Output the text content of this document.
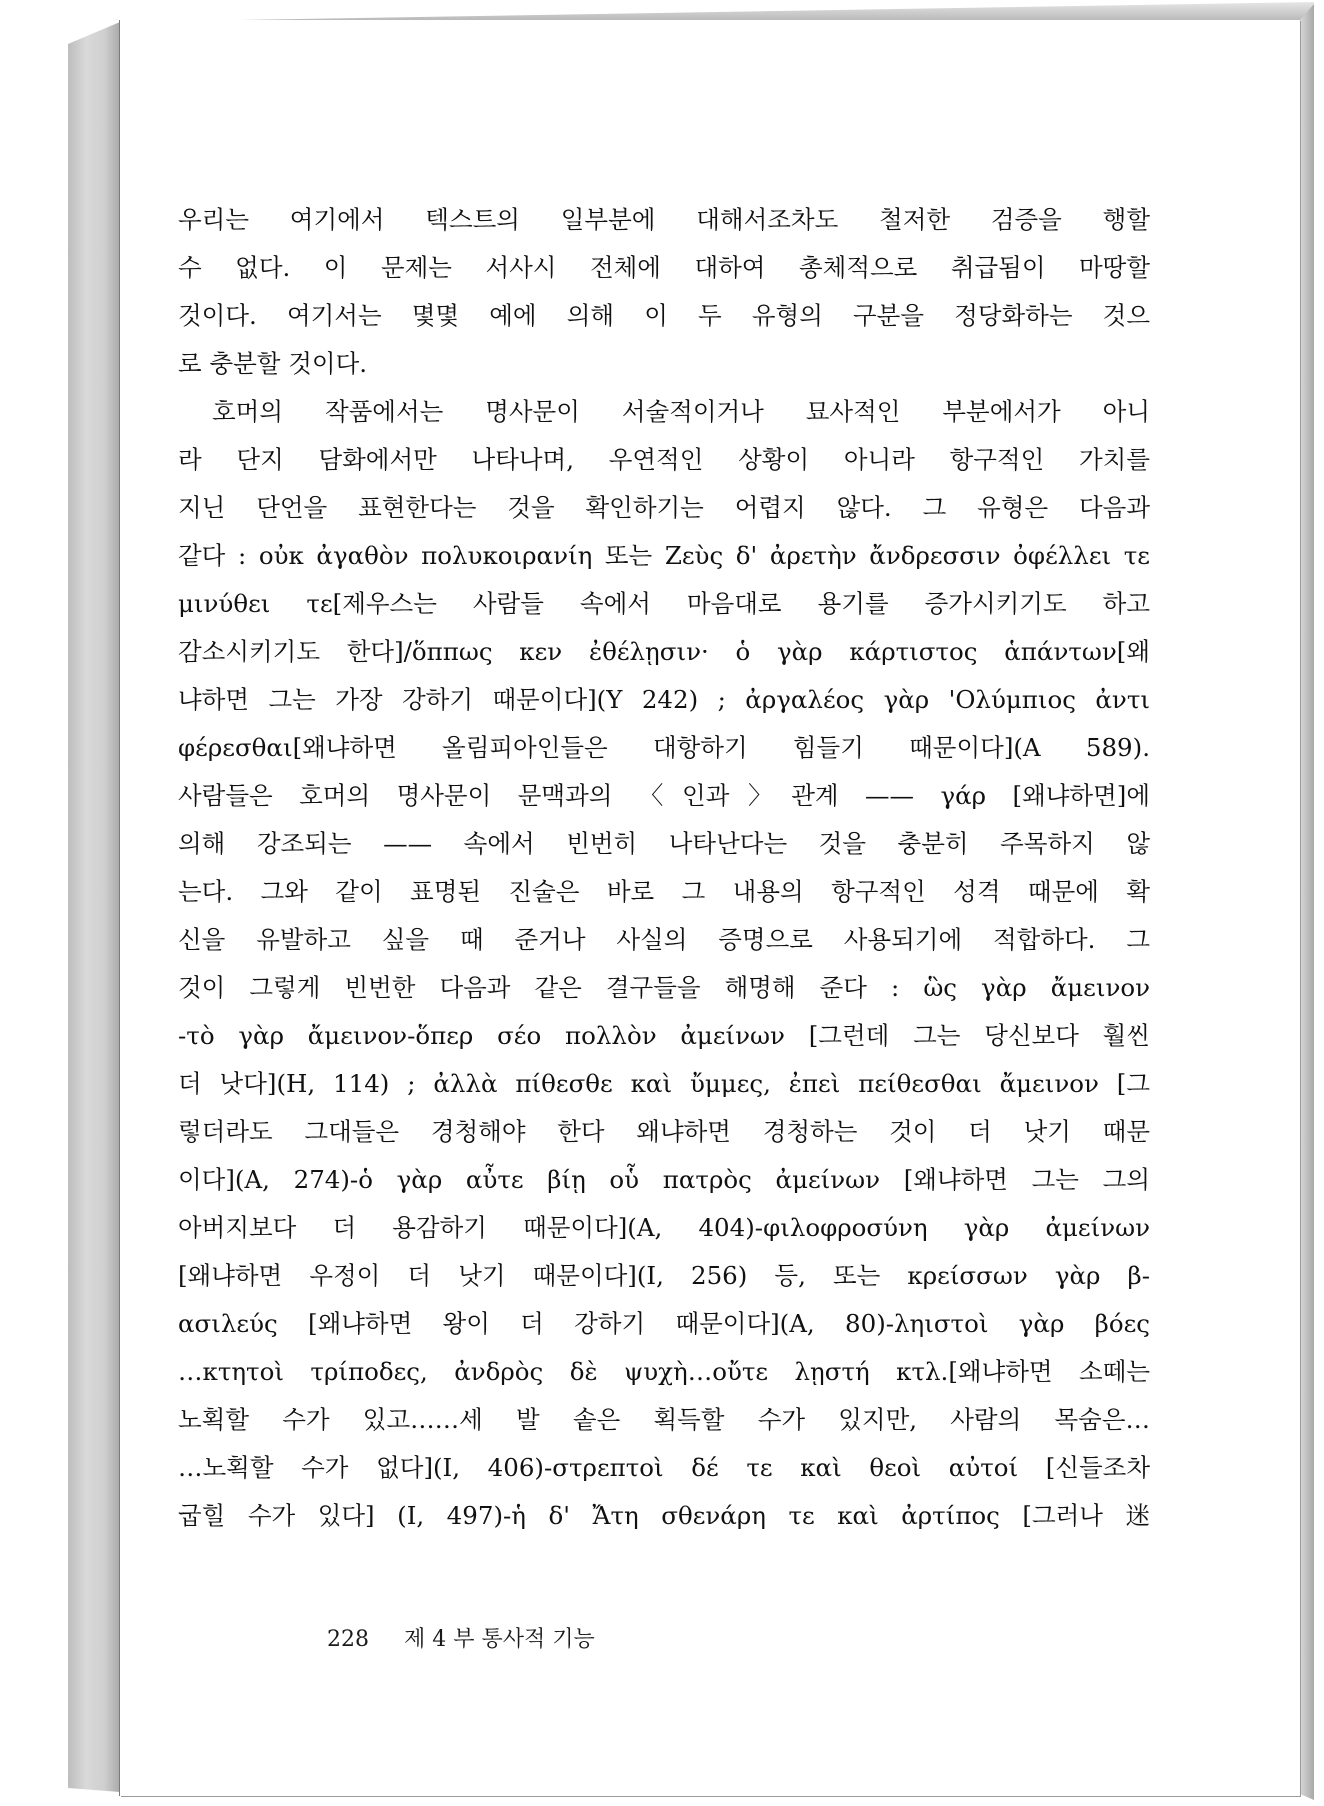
우리는 여기에서 텍스트의 일부분에 대해서조차도 철저한 검증을 행할

수 없다. 이 문제는 서사시 전체에 대하여 총체적으로 취급됨이 마땅할

것이다. 여기서는 몇몇 예에 의해 이 두 유형의 구분을 정당화하는 것으

로 충분할 것이다.

호머의 작품에서는 명사문이 서술적이거나 묘사적인 부분에서가 아니

라 단지 담화에서만 나타나며, 우연적인 상황이 아니라 항구적인 가치를

지닌 단언을 표현한다는 것을 확인하기는 어렵지 않다. 그 유형은 다음과

같다 : οὐκ ἀγαθὸν πολυκοιρανίη 또는 Ζεὺς δ' ἀρετὴν ἄνδρεσσιν ὀφέλλει τε

μινύθει τε[제우스는 사람들 속에서 마음대로 용기를 증가시키기도 하고

감소시키기도 한다]/ὅππως κεν ἐθέλῃσιν· ὁ γὰρ κάρτιστος ἁπάντων[왜

냐하면 그는 가장 강하기 때문이다](Υ 242) ; ἀργαλέος γὰρ 'Ολύμπιος ἀντι

φέρεσθαι[왜냐하면 올림피아인들은 대항하기 힘들기 때문이다](A 589).

사람들은 호머의 명사문이 문맥과의 〈인과〉관계 —— γάρ [왜냐하면]에

의해 강조되는 —— 속에서 빈번히 나타난다는 것을 충분히 주목하지 않

는다. 그와 같이 표명된 진술은 바로 그 내용의 항구적인 성격 때문에 확

신을 유발하고 싶을 때 준거나 사실의 증명으로 사용되기에 적합하다. 그

것이 그렇게 빈번한 다음과 같은 결구들을 해명해 준다 : ὣς γὰρ ἄμεινον

-τὸ γὰρ ἄμεινον-ὅπερ σέο πολλὸν ἀμείνων [그런데 그는 당신보다 훨씬

더 낫다](H, 114) ; ἀλλὰ πίθεσθε καὶ ὔμμες, ἐπεὶ πείθεσθαι ἄμεινον [그

렇더라도 그대들은 경청해야 한다 왜냐하면 경청하는 것이 더 낫기 때문

이다](A, 274)-ὁ γὰρ αὖτε βίῃ οὗ πατρὸς ἀμείνων [왜냐하면 그는 그의

아버지보다 더 용감하기 때문이다](A, 404)-φιλοφροσύνη γὰρ ἀμείνων

[왜냐하면 우정이 더 낫기 때문이다](I, 256) 등, 또는 κρείσσων γὰρ β-

ασιλεύς [왜냐하면 왕이 더 강하기 때문이다](A, 80)-ληιστοὶ γὰρ βόες

…κτητοὶ τρίποδες, ἀνδρὸς δὲ ψυχὴ…οὔτε λῃστή κτλ.[왜냐하면 소떼는

노획할 수가 있고……세 발 솥은 획득할 수가 있지만, 사람의 목숨은…

…노획할 수가 없다](I, 406)-στρεπτοὶ δέ τε καὶ θεοὶ αὐτοί [신들조차

굽힐 수가 있다] (I, 497)-ἡ δ' Ἄτη σθενάρη τε καὶ ἀρτίπος [그러나 迷

228 제 4 부 통사적 기능
